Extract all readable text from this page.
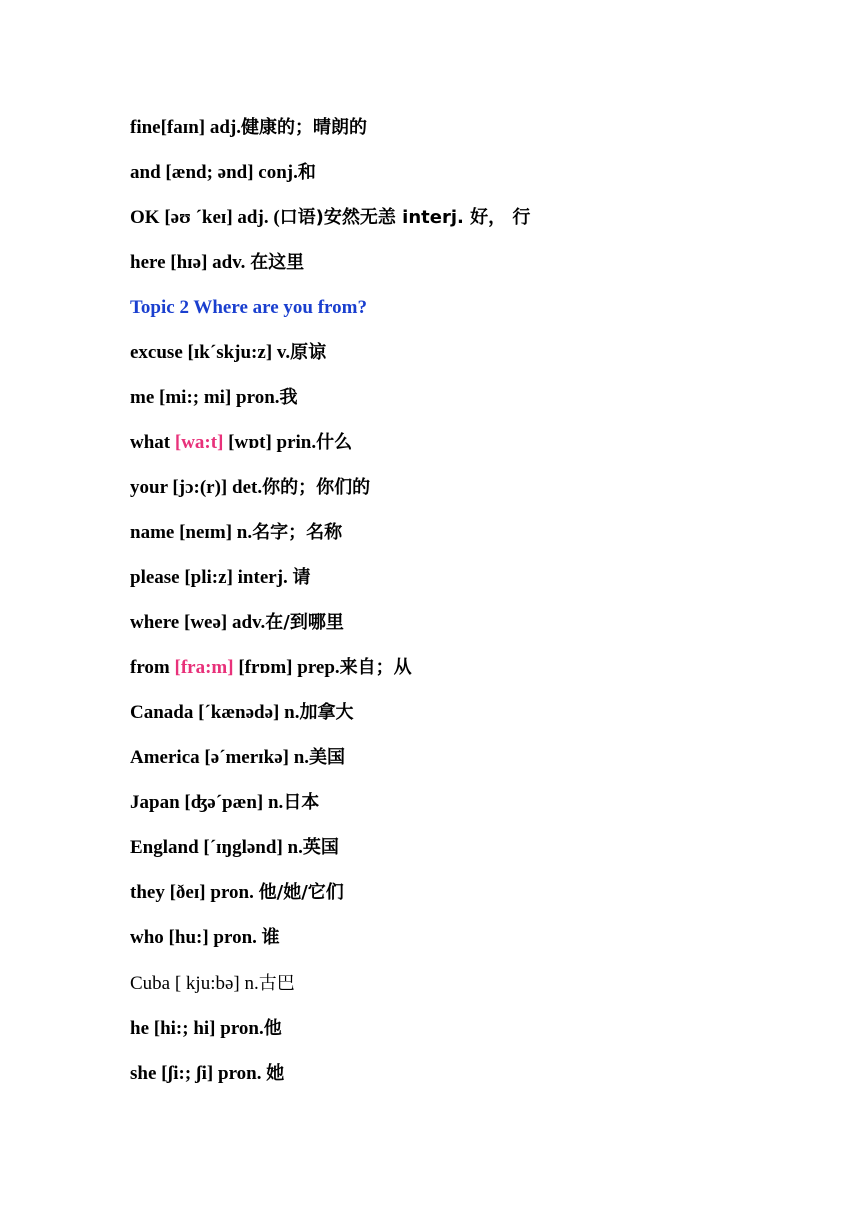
fine[faɪn] adj.健康的；晴朗的
and [ænd; ənd] conj.和
OK [əʊ ˊkeɪ] adj. (口语)安然无恙 interj. 好， 行
here [hɪə] adv. 在这里
Topic 2 Where are you from?
excuse [ɪkˊskju:z] v.原谅
me [mi:; mi] pron.我
what [wa:t] [wɒt] prin.什么
your [jɔ:(r)] det.你的；你们的
name [neɪm] n.名字；名称
please [pli:z] interj. 请
where [weə] adv.在/到哪里
from [fra:m] [frɒm] prep.来自；从
Canada [ˊkænədə] n.加拿大
America [əˊmerɪkə] n.美国
Japan [ʤəˊpæn] n.日本
England [ˊɪŋglənd] n.英国
they [ðeɪ] pron. 他/她/它们
who [hu:] pron. 谁
Cuba [ kju:bə] n.古巴
he [hi:; hi] pron.他
she [ʃi:; ʃi] pron. 她
